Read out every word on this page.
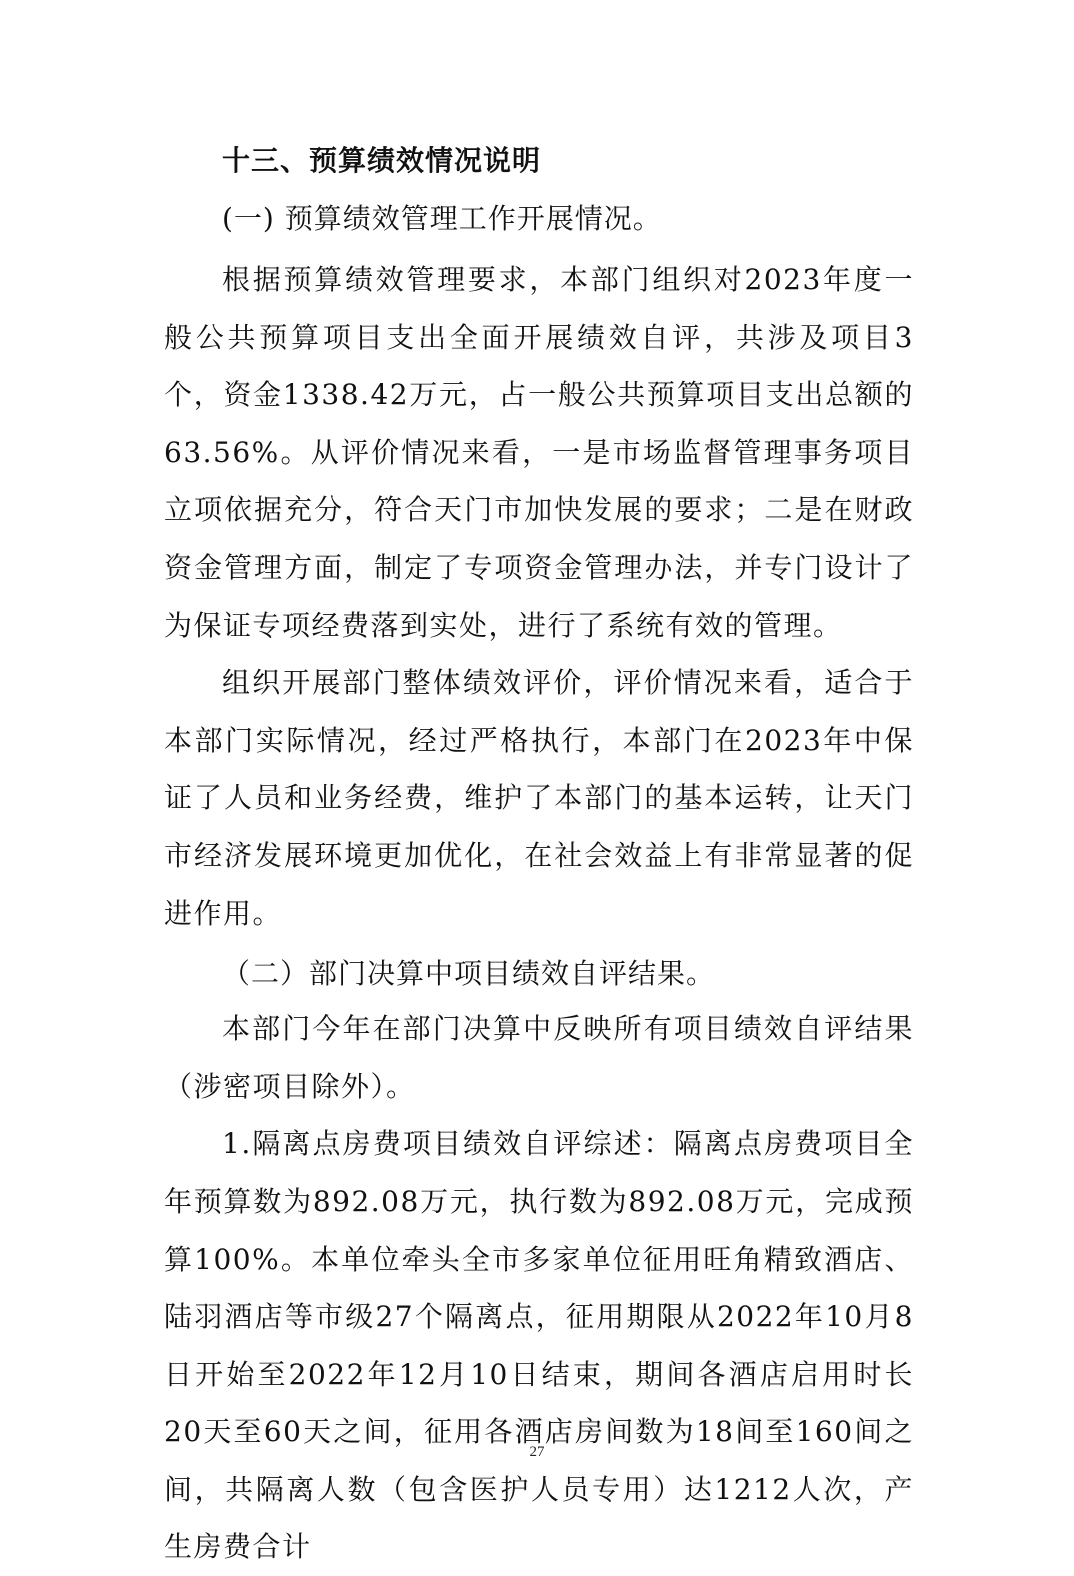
十三、预算绩效情况说明
(一) 预算绩效管理工作开展情况。

根据预算绩效管理要求，本部门组织对2023年度一般公共预算项目支出全面开展绩效自评，共涉及项目3个，资金1338.42万元，占一般公共预算项目支出总额的63.56%。从评价情况来看，一是市场监督管理事务项目立项依据充分，符合天门市加快发展的要求；二是在财政资金管理方面，制定了专项资金管理办法，并专门设计了为保证专项经费落到实处，进行了系统有效的管理。

组织开展部门整体绩效评价，评价情况来看，适合于本部门实际情况，经过严格执行，本部门在2023年中保证了人员和业务经费，维护了本部门的基本运转，让天门市经济发展环境更加优化，在社会效益上有非常显著的促进作用。

（二）部门决算中项目绩效自评结果。

本部门今年在部门决算中反映所有项目绩效自评结果（涉密项目除外）。

1.隔离点房费项目绩效自评综述：隔离点房费项目全年预算数为892.08万元，执行数为892.08万元，完成预算100%。本单位牵头全市多家单位征用旺角精致酒店、陆羽酒店等市级27个隔离点，征用期限从2022年10月8日开始至2022年12月10日结束，期间各酒店启用时长20天至60天之间，征用各酒店房间数为18间至160间之间，共隔离人数（包含医护人员专用）达1212人次，产生房费合计

27
